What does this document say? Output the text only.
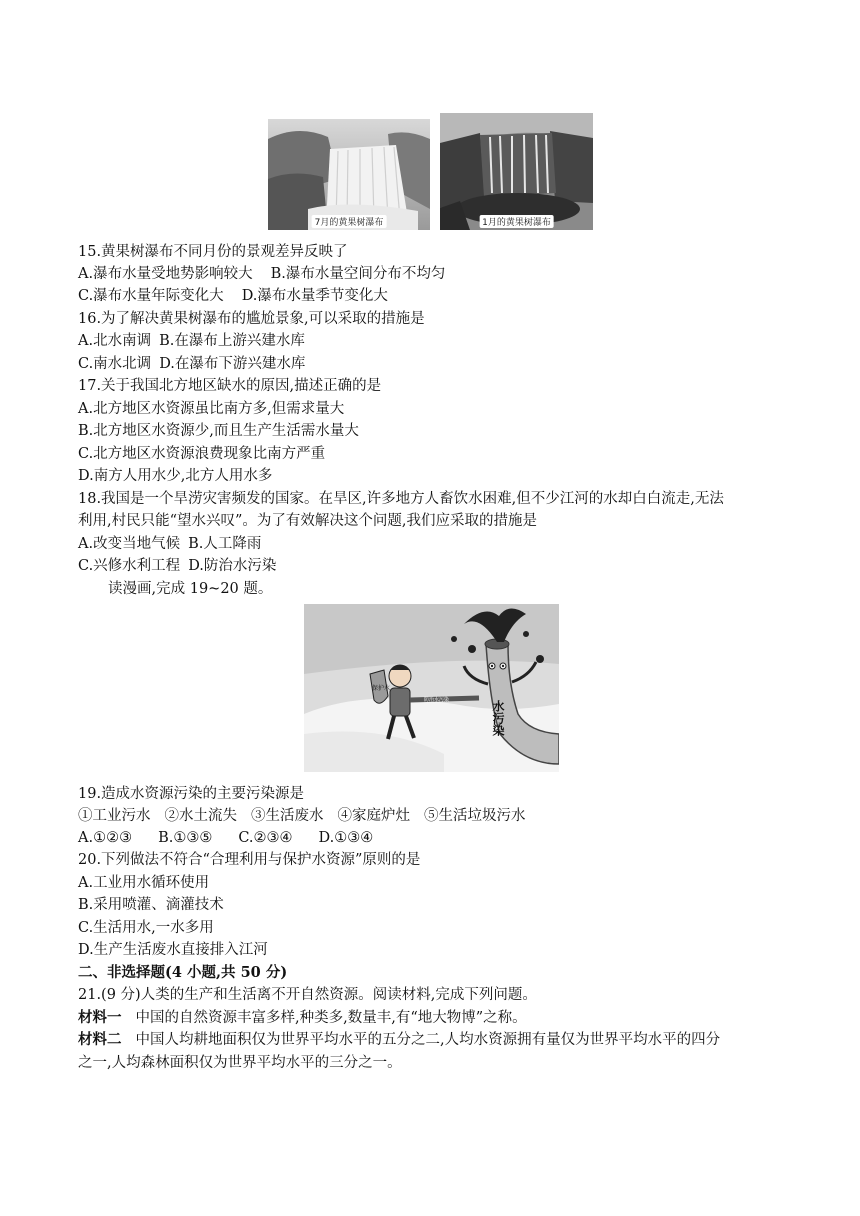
7月的黄果树瀑布	1月的黄果树瀑布
15.黄果树瀑布不同月份的景观差异反映了
A.瀑布水量受地势影响较大 B.瀑布水量空间分布不均匀
C.瀑布水量年际变化大 D.瀑布水量季节变化大
16.为了解决黄果树瀑布的尴尬景象,可以采取的措施是
A.北水南调 B.在瀑布上游兴建水库
C.南水北调 D.在瀑布下游兴建水库
17.关于我国北方地区缺水的原因,描述正确的是
A.北方地区水资源虽比南方多,但需求量大
B.北方地区水资源少,而且生产生活需水量大
C.北方地区水资源浪费现象比南方严重
D.南方人用水少,北方人用水多
18.我国是一个旱涝灾害频发的国家。在旱区,许多地方人畜饮水困难,但不少江河的水却白白流走,无法
利用,村民只能“望水兴叹”。为了有效解决这个问题,我们应采取的措施是
A.改变当地气候 B.人工降雨
C.兴修水利工程 D.防治水污染
读漫画,完成 19~20 题。
水污染
保护水
防治水污染
19.造成水资源污染的主要污染源是
①工业污水 ②水土流失 ③生活废水 ④家庭炉灶 ⑤生活垃圾污水
A.①②③ B.①③⑤ C.②③④ D.①③④
20.下列做法不符合“合理利用与保护水资源”原则的是
A.工业用水循环使用
B.采用喷灌、滴灌技术
C.生活用水,一水多用
D.生产生活废水直接排入江河
二、非选择题(4 小题,共 50 分)
21.(9 分)人类的生产和生活离不开自然资源。阅读材料,完成下列问题。
材料一 中国的自然资源丰富多样,种类多,数量丰,有“地大物博”之称。
材料二 中国人均耕地面积仅为世界平均水平的五分之二,人均水资源拥有量仅为世界平均水平的四分
之一,人均森林面积仅为世界平均水平的三分之一。
